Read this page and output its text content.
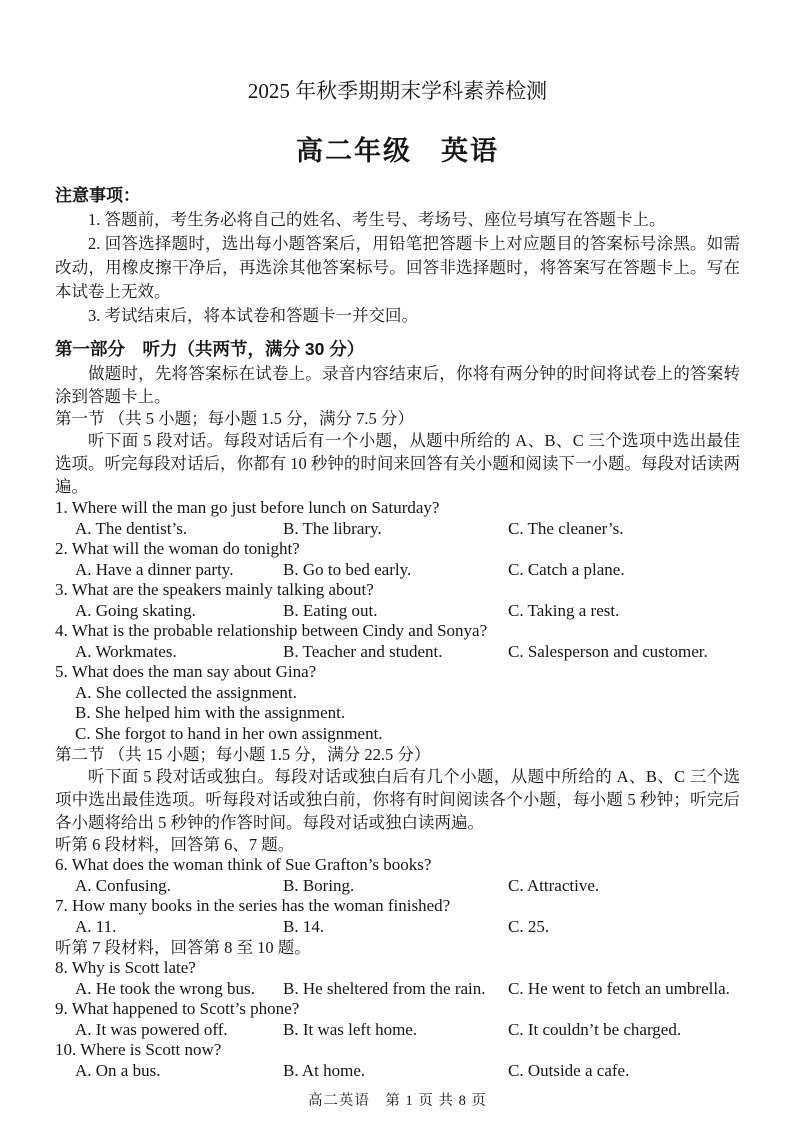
2025 年秋季期期末学科素养检测
高二年级　英语
注意事项：

1. 答题前，考生务必将自己的姓名、考生号、考场号、座位号填写在答题卡上。

2. 回答选择题时，选出每小题答案后，用铅笔把答题卡上对应题目的答案标号涂黑。如需改动，用橡皮擦干净后，再选涂其他答案标号。回答非选择题时，将答案写在答题卡上。写在本试卷上无效。

3. 考试结束后，将本试卷和答题卡一并交回。

第一部分　听力（共两节，满分 30 分）

做题时，先将答案标在试卷上。录音内容结束后，你将有两分钟的时间将试卷上的答案转涂到答题卡上。

第一节 （共 5 小题；每小题 1.5 分，满分 7.5 分）

听下面 5 段对话。每段对话后有一个小题，从题中所给的 A、B、C 三个选项中选出最佳选项。听完每段对话后，你都有 10 秒钟的时间来回答有关小题和阅读下一小题。每段对话读两遍。

1. Where will the man go just before lunch on Saturday?
A. The dentist’s.	B. The library.	C. The cleaner’s.
2. What will the woman do tonight?
A. Have a dinner party.	B. Go to bed early.	C. Catch a plane.
3. What are the speakers mainly talking about?
A. Going skating.	B. Eating out.	C. Taking a rest.
4. What is the probable relationship between Cindy and Sonya?
A. Workmates.	B. Teacher and student.	C. Salesperson and customer.
5. What does the man say about Gina?
A. She collected the assignment.
B. She helped him with the assignment.
C. She forgot to hand in her own assignment.
第二节 （共 15 小题；每小题 1.5 分，满分 22.5 分）

听下面 5 段对话或独白。每段对话或独白后有几个小题，从题中所给的 A、B、C 三个选项中选出最佳选项。听每段对话或独白前，你将有时间阅读各个小题，每小题 5 秒钟；听完后各小题将给出 5 秒钟的作答时间。每段对话或独白读两遍。

听第 6 段材料，回答第 6、7 题。
6. What does the woman think of Sue Grafton’s books?
A. Confusing.	B. Boring.	C. Attractive.
7. How many books in the series has the woman finished?
A. 11.	B. 14.	C. 25.
听第 7 段材料，回答第 8 至 10 题。
8. Why is Scott late?
A. He took the wrong bus.	B. He sheltered from the rain.	C. He went to fetch an umbrella.
9. What happened to Scott’s phone?
A. It was powered off.	B. It was left home.	C. It couldn’t be charged.
10. Where is Scott now?
A. On a bus.	B. At home.	C. Outside a cafe.
高二英语　第 1 页 共 8 页
